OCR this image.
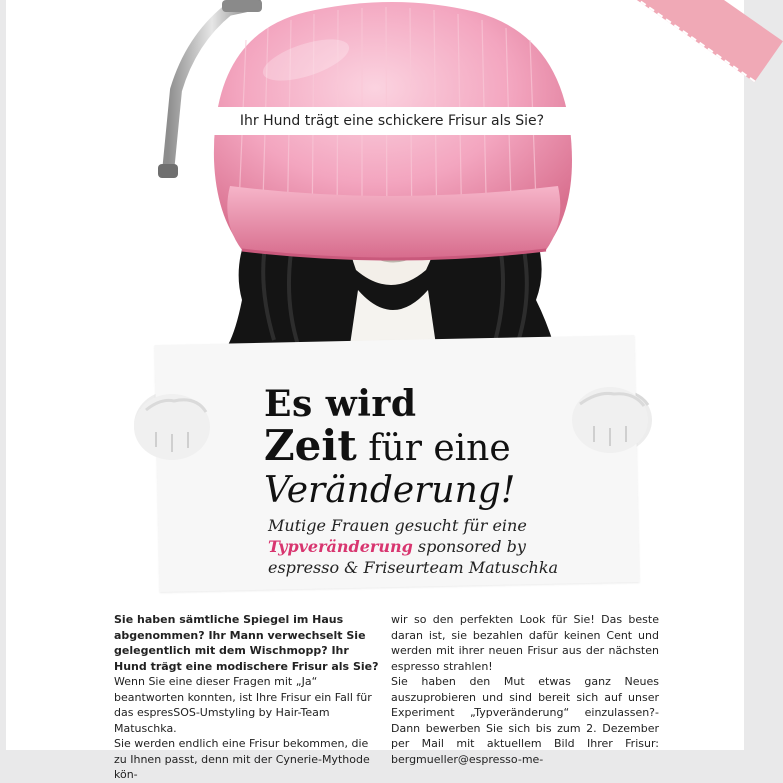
Ihr Hund trägt eine schickere Frisur als Sie?
Es wird
Zeit für eine
Veränderung!
Mutige Frauen gesucht für eine
Typveränderung sponsored by
espresso & Friseurteam Matuschka

Sie haben sämtliche Spiegel im Haus abgenommen? Ihr Mann verwechselt Sie gelegentlich mit dem Wischmopp? Ihr Hund trägt eine modischere Frisur als Sie?

Wenn Sie eine dieser Fragen mit „Ja“ beantworten konnten, ist Ihre Frisur ein Fall für das espresSOS-Umstyling by Hair-Team Matuschka.

Sie werden endlich eine Frisur bekommen, die zu Ihnen passt, denn mit der Cynerie-Mythode kön-

wir so den perfekten Look für Sie! Das beste daran ist, sie bezahlen dafür keinen Cent und werden mit ihrer neuen Frisur aus der nächsten espresso strahlen!

Sie haben den Mut etwas ganz Neues auszuprobieren und sind bereit sich auf unser Experiment „Typveränderung“ einzulassen?- Dann bewerben Sie sich bis zum 2. Dezember per Mail mit aktuellem Bild Ihrer Frisur: bergmueller@espresso-me-
